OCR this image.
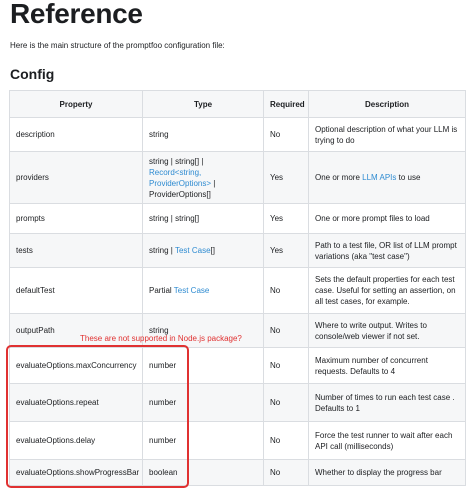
Reference
Here is the main structure of the promptfoo configuration file:
Config
Property	Type	Required	Description
description	string	No	Optional description of what your LLM is trying to do
providers	string | string[] | Record<string, ProviderOptions> | ProviderOptions[]	Yes	One or more LLM APIs to use
prompts	string | string[]	Yes	One or more prompt files to load
tests	string | Test Case[]	Yes	Path to a test file, OR list of LLM prompt variations (aka "test case")
defaultTest	Partial Test Case	No	Sets the default properties for each test case. Useful for setting an assertion, on all test cases, for example.
outputPath	string	No	Where to write output. Writes to console/web viewer if not set.
evaluateOptions.maxConcurrency	number	No	Maximum number of concurrent requests. Defaults to 4
evaluateOptions.repeat	number	No	Number of times to run each test case . Defaults to 1
evaluateOptions.delay	number	No	Force the test runner to wait after each API call (milliseconds)
evaluateOptions.showProgressBar	boolean	No	Whether to display the progress bar
These are not supported in Node.js package?
